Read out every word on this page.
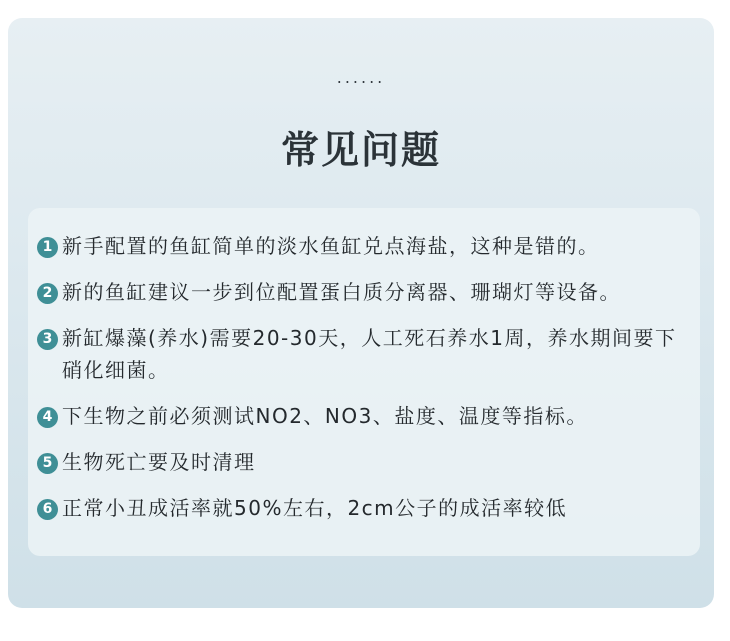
......
常见问题
1 新手配置的鱼缸简单的淡水鱼缸兑点海盐，这种是错的。
2 新的鱼缸建议一步到位配置蛋白质分离器、珊瑚灯等设备。
3 新缸爆藻(养水)需要20-30天，人工死石养水1周，养水期间要下硝化细菌。
4 下生物之前必须测试NO2、NO3、盐度、温度等指标。
5 生物死亡要及时清理
6 正常小丑成活率就50%左右，2cm公子的成活率较低
